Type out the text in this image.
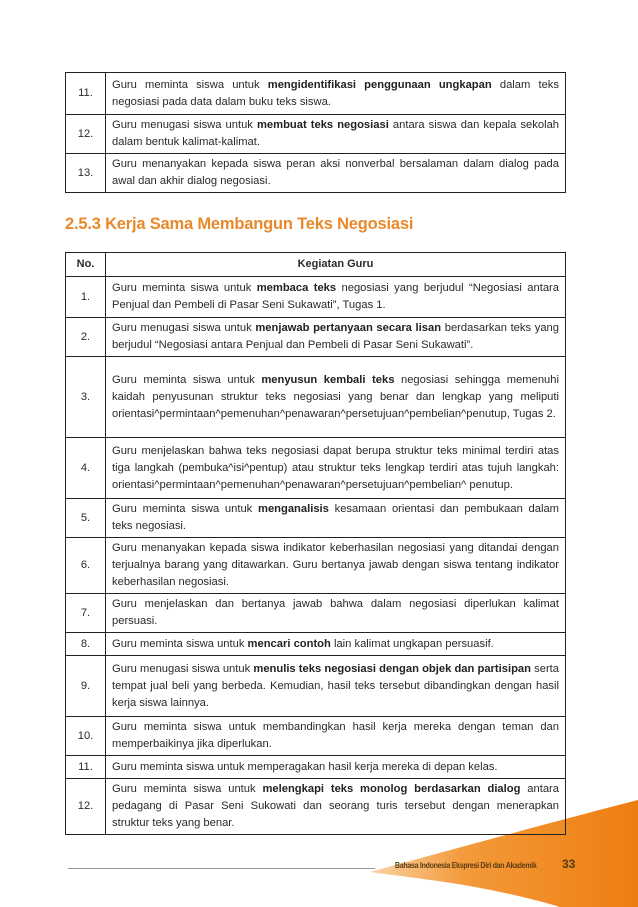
11.	Guru meminta siswa untuk mengidentifikasi penggunaan ungkapan dalam teks negosiasi pada data dalam buku teks siswa.
12.	Guru menugasi siswa untuk membuat teks negosiasi antara siswa dan kepala sekolah dalam bentuk kalimat-kalimat.
13.	Guru menanyakan kepada siswa peran aksi nonverbal bersalaman dalam dialog pada awal dan akhir dialog negosiasi.
2.5.3 Kerja Sama Membangun Teks Negosiasi
No.	Kegiatan Guru
1.	Guru meminta siswa untuk membaca teks negosiasi yang berjudul “Negosiasi antara Penjual dan Pembeli di Pasar Seni Sukawati”, Tugas 1.
2.	Guru menugasi siswa untuk menjawab pertanyaan secara lisan berdasarkan teks yang berjudul “Negosiasi antara Penjual dan Pembeli di Pasar Seni Sukawati”.
3.	Guru meminta siswa untuk menyusun kembali teks negosiasi sehingga memenuhi kaidah penyusunan struktur teks negosiasi yang benar dan lengkap yang meliputi orientasi^permintaan^pemenuhan^penawaran^persetujuan^pembelian^penutup, Tugas 2.
4.	Guru menjelaskan bahwa teks negosiasi dapat berupa struktur teks minimal terdiri atas tiga langkah (pembuka^isi^pentup) atau struktur teks lengkap terdiri atas tujuh langkah: orientasi^permintaan^pemenuhan^penawaran^persetujuan^pembelian^ penutup.
5.	Guru meminta siswa untuk menganalisis kesamaan orientasi dan pembukaan dalam teks negosiasi.
6.	Guru menanyakan kepada siswa indikator keberhasilan negosiasi yang ditandai dengan terjualnya barang yang ditawarkan. Guru bertanya jawab dengan siswa tentang indikator keberhasilan negosiasi.
7.	Guru menjelaskan dan bertanya jawab bahwa dalam negosiasi diperlukan kalimat persuasi.
8.	Guru meminta siswa untuk mencari contoh lain kalimat ungkapan persuasif.
9.	Guru menugasi siswa untuk menulis teks negosiasi dengan objek dan partisipan serta tempat jual beli yang berbeda. Kemudian, hasil teks tersebut dibandingkan dengan hasil kerja siswa lainnya.
10.	Guru meminta siswa untuk membandingkan hasil kerja mereka dengan teman dan memperbaikinya jika diperlukan.
11.	Guru meminta siswa untuk memperagakan hasil kerja mereka di depan kelas.
12.	Guru meminta siswa untuk melengkapi teks monolog berdasarkan dialog antara pedagang di Pasar Seni Sukowati dan seorang turis tersebut dengan menerapkan struktur teks yang benar.
Bahasa Indonesia Ekspresi Diri dan Akademik 33
